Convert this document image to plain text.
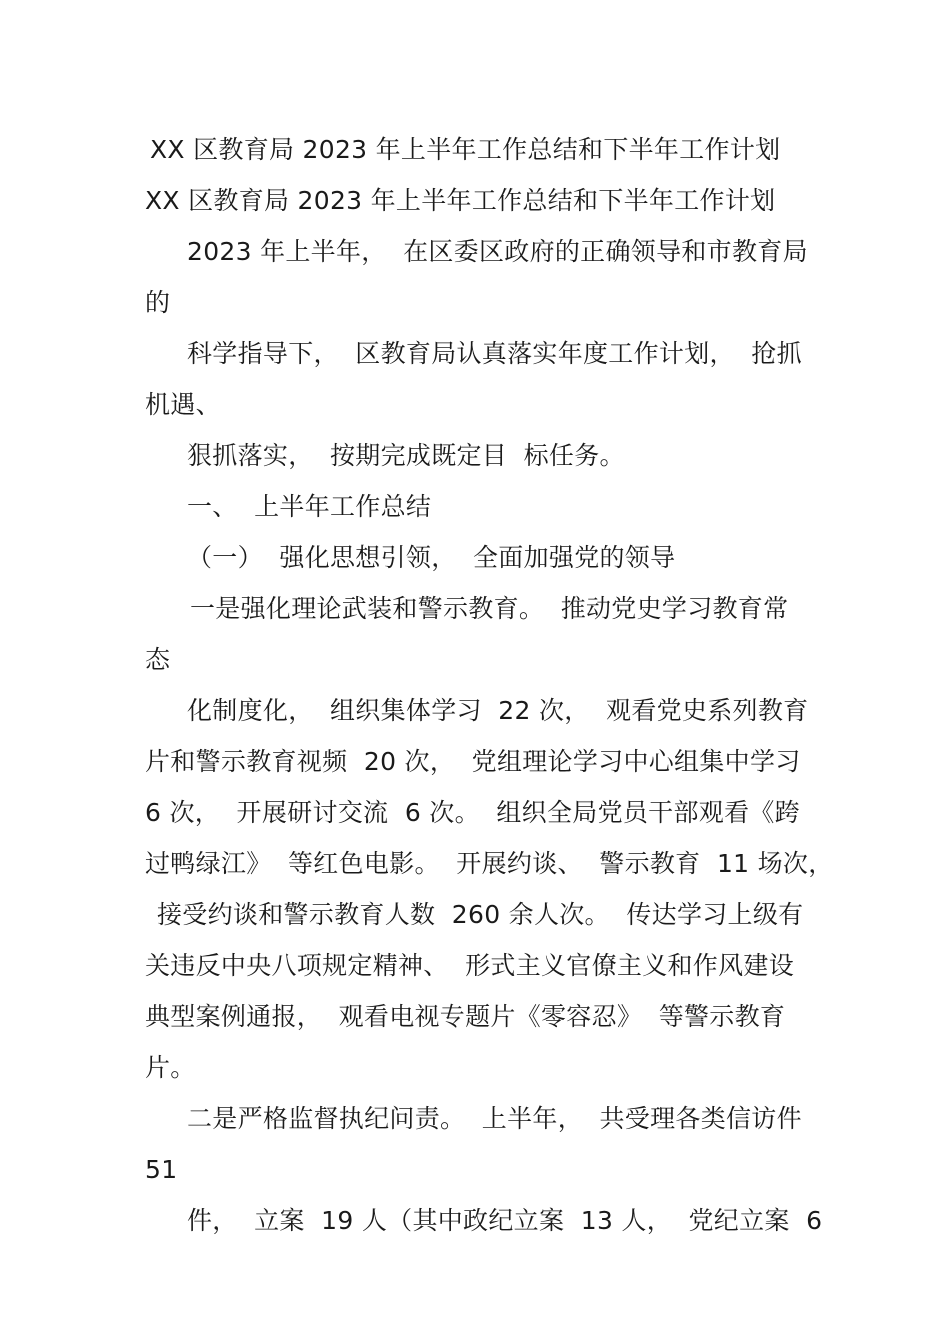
XX 区教育局 2023 年上半年工作总结和下半年工作计划
XX 区教育局 2023 年上半年工作总结和下半年工作计划
2023 年上半年，  在区委区政府的正确领导和市教育局
的
科学指导下，  区教育局认真落实年度工作计划，  抢抓
机遇、
狠抓落实，  按期完成既定目  标任务。
一、  上半年工作总结
（一）  强化思想引领，  全面加强党的领导
一是强化理论武装和警示教育。  推动党史学习教育常
态
化制度化，  组织集体学习  22 次，  观看党史系列教育
片和警示教育视频  20 次，  党组理论学习中心组集中学习
6 次，  开展研讨交流  6 次。  组织全局党员干部观看《跨
过鸭绿江》  等红色电影。  开展约谈、  警示教育  11 场次，
接受约谈和警示教育人数  260 余人次。  传达学习上级有
关违反中央八项规定精神、  形式主义官僚主义和作风建设
典型案例通报，  观看电视专题片《零容忍》  等警示教育
片。
二是严格监督执纪问责。  上半年，  共受理各类信访件
51
件，  立案  19 人（其中政纪立案  13 人，  党纪立案  6
